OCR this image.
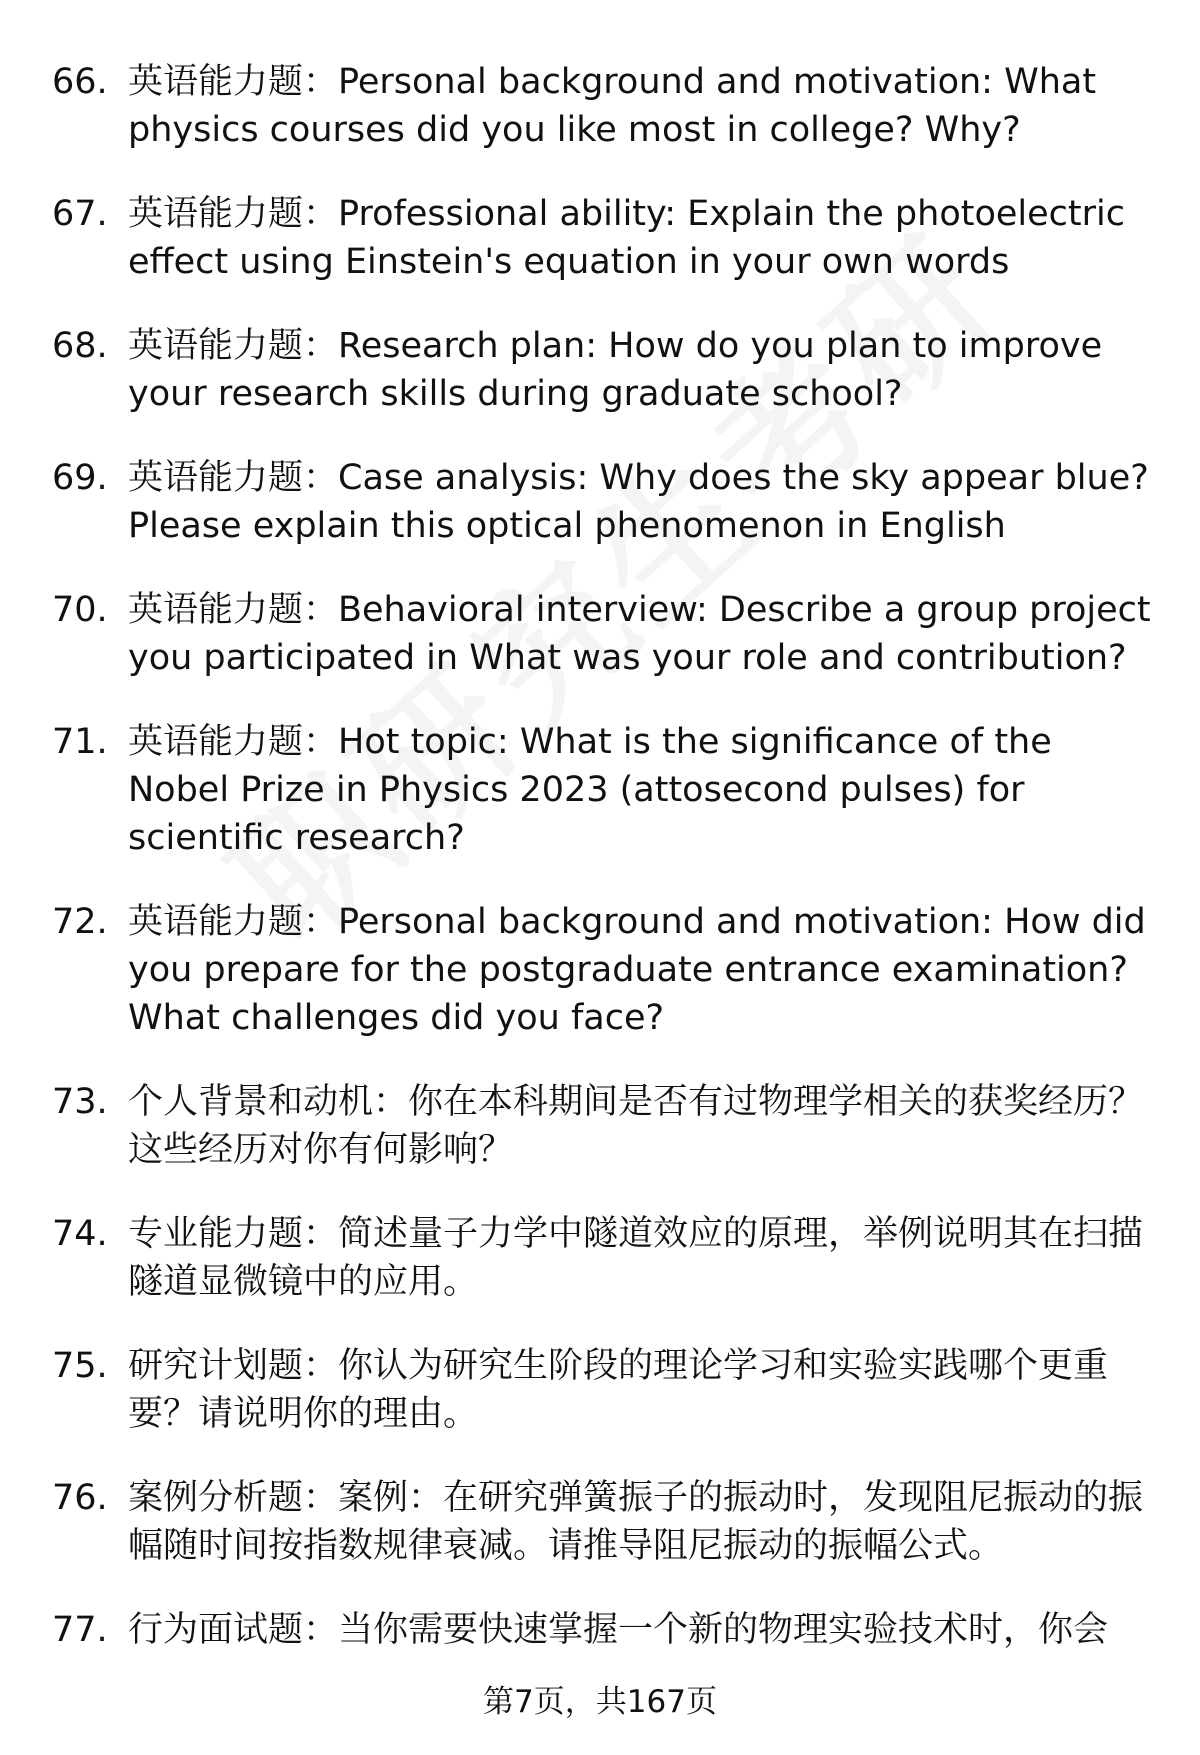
66. 英语能力题：Personal background and motivation: What physics courses did you like most in college? Why?
67. 英语能力题：Professional ability: Explain the photoelectric effect using Einstein's equation in your own words
68. 英语能力题：Research plan: How do you plan to improve your research skills during graduate school?
69. 英语能力题：Case analysis: Why does the sky appear blue? Please explain this optical phenomenon in English
70. 英语能力题：Behavioral interview: Describe a group project you participated in What was your role and contribution?
71. 英语能力题：Hot topic: What is the significance of the Nobel Prize in Physics 2023 (attosecond pulses) for scientific research?
72. 英语能力题：Personal background and motivation: How did you prepare for the postgraduate entrance examination? What challenges did you face?
73. 个人背景和动机：你在本科期间是否有过物理学相关的获奖经历？这些经历对你有何影响？
74. 专业能力题：简述量子力学中隧道效应的原理，举例说明其在扫描隧道显微镜中的应用。
75. 研究计划题：你认为研究生阶段的理论学习和实验实践哪个更重要？请说明你的理由。
76. 案例分析题：案例：在研究弹簧振子的振动时，发现阻尼振动的振幅随时间按指数规律衰减。请推导阻尼振动的振幅公式。
77. 行为面试题：当你需要快速掌握一个新的物理实验技术时，你会
第7页，共167页
